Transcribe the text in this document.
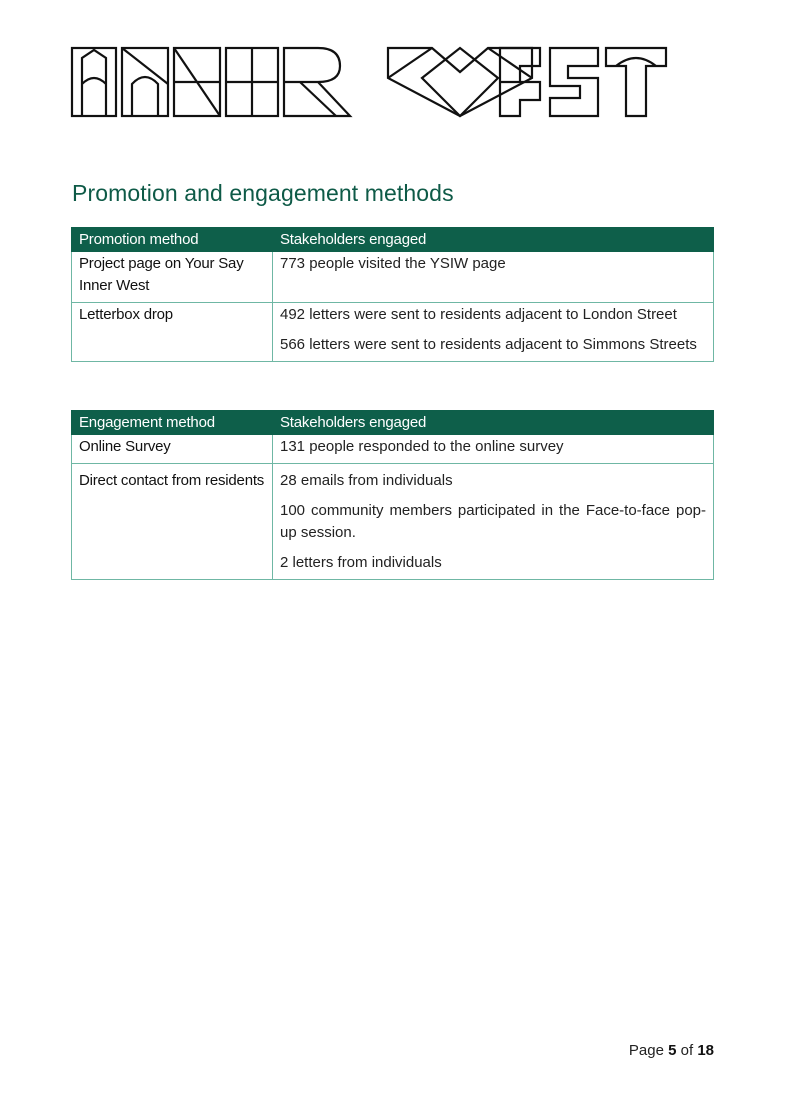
Promotion and engagement methods
Promotion method	Stakeholders engaged
Project page on Your Say Inner West	773 people visited the YSIW page

Letterbox drop	492 letters were sent to residents adjacent to London Street

566 letters were sent to residents adjacent to Simmons Streets

Engagement method	Stakeholders engaged
Online Survey	131 people responded to the online survey

Direct contact from residents	28 emails from individuals

100 community members participated in the Face-to-face pop-up session.

2 letters from individuals

Page 5 of 18
